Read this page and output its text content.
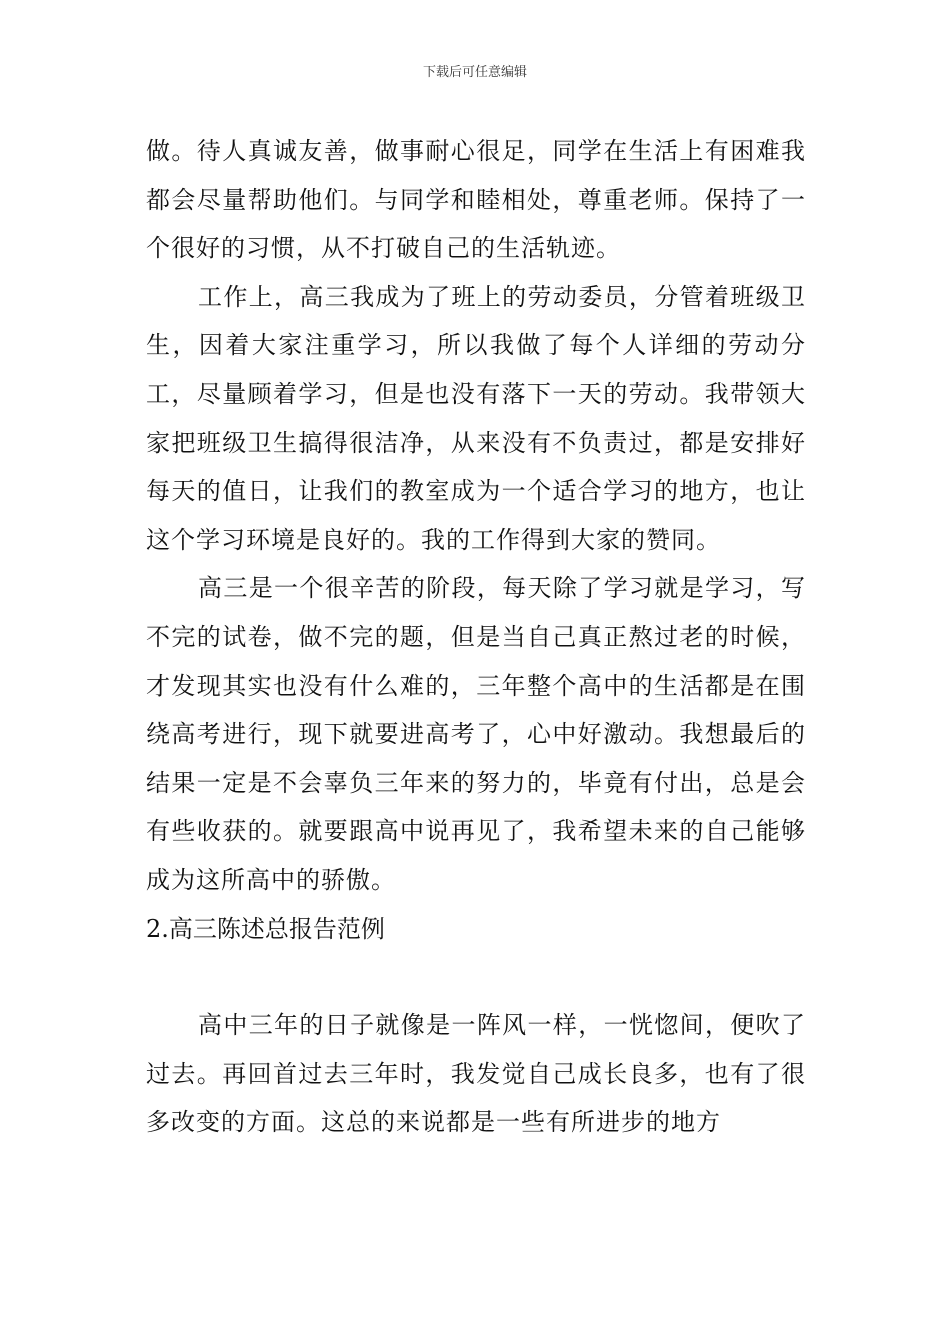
下载后可任意编辑

做。待人真诚友善，做事耐心很足，同学在生活上有困难我都会尽量帮助他们。与同学和睦相处，尊重老师。保持了一个很好的习惯，从不打破自己的生活轨迹。

工作上，高三我成为了班上的劳动委员，分管着班级卫生，因着大家注重学习，所以我做了每个人详细的劳动分工，尽量顾着学习，但是也没有落下一天的劳动。我带领大家把班级卫生搞得很洁净，从来没有不负责过，都是安排好每天的值日，让我们的教室成为一个适合学习的地方，也让这个学习环境是良好的。我的工作得到大家的赞同。

高三是一个很辛苦的阶段，每天除了学习就是学习，写不完的试卷，做不完的题，但是当自己真正熬过老的时候，才发现其实也没有什么难的，三年整个高中的生活都是在围绕高考进行，现下就要进高考了，心中好激动。我想最后的结果一定是不会辜负三年来的努力的，毕竟有付出，总是会有些收获的。就要跟高中说再见了，我希望未来的自己能够成为这所高中的骄傲。

2.高三陈述总报告范例

高中三年的日子就像是一阵风一样，一恍惚间，便吹了过去。再回首过去三年时，我发觉自己成长良多，也有了很多改变的方面。这总的来说都是一些有所进步的地方
